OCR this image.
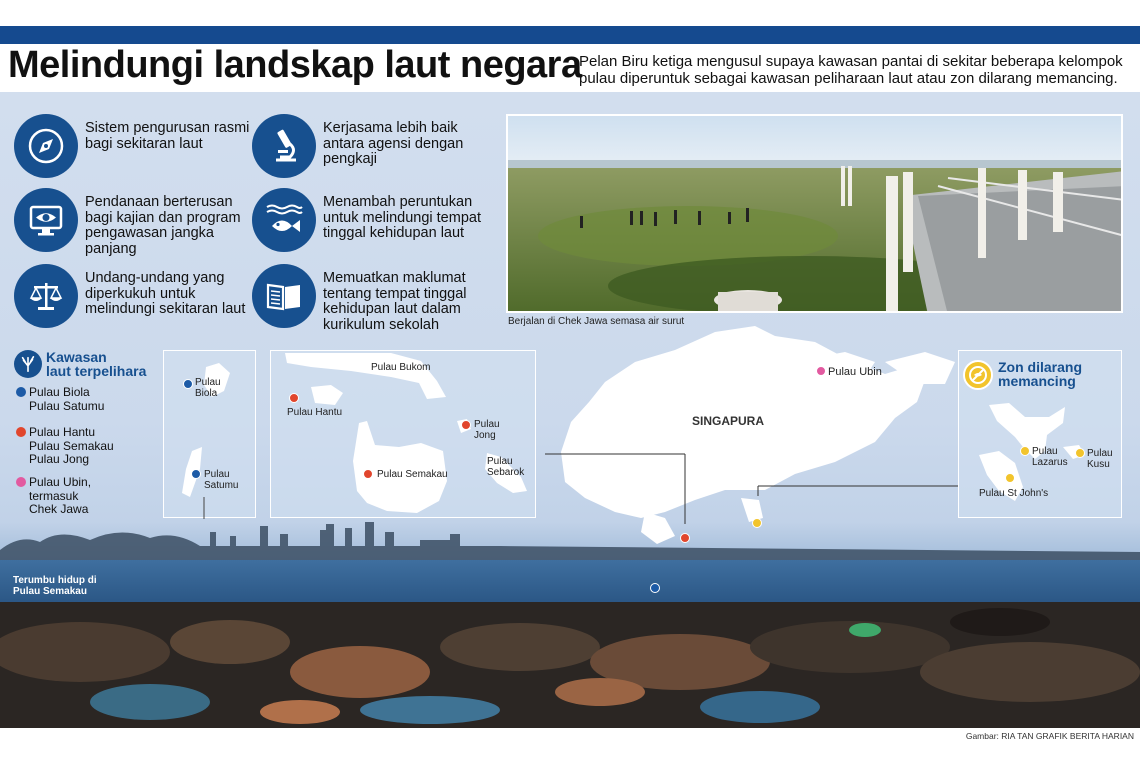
Melindungi landskap laut negara
Pelan Biru ketiga mengusul supaya kawasan pantai di sekitar beberapa kelompok pulau diperuntuk sebagai kawasan peliharaan laut atau zon dilarang memancing.
Sistem pengurusan rasmi bagi sekitaran laut
Pendanaan berterusan bagi kajian dan program pengawasan jangka panjang
Undang-undang yang diperkukuh untuk melindungi sekitaran laut
Kerjasama lebih baik antara agensi dengan pengkaji
Menambah peruntukan untuk melindungi tempat tinggal kehidupan laut
Memuatkan maklumat tentang tempat tinggal kehidupan laut dalam kurikulum sekolah	Berjalan di Chek Jawa semasa air surut
Kawasan
laut terpelihara
Pulau Biola
Pulau Satumu
Pulau Hantu
Pulau Semakau
Pulau Jong
Pulau Ubin,
termasuk
Chek Jawa
Pulau
Biola
Pulau
Satumu
Pulau Bukom
Pulau Hantu
Pulau
Jong
Pulau Semakau
Pulau
Sebarok
SINGAPURA
Pulau Ubin
Pulau
Lazarus
Pulau
Kusu
Pulau St John's
Zon dilarang
memancing
Terumbu hidup di
Pulau Semakau
Gambar: RIA TAN GRAFIK BERITA HARIAN
